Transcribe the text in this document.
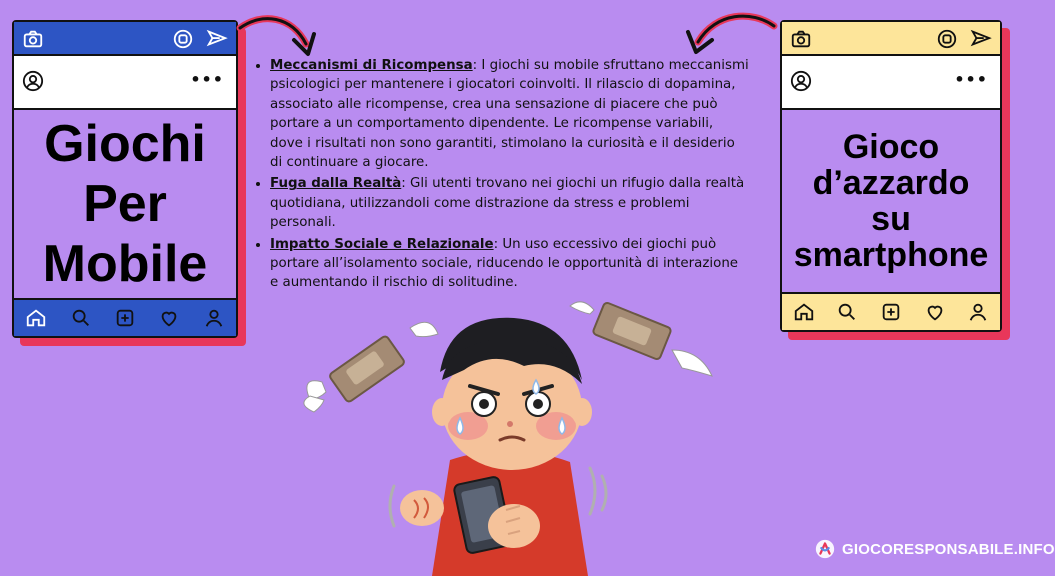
•••
Giochi
Per
Mobile
•••
Gioco
d’azzardo
su
smartphone
• Meccanismi di Ricompensa: I giochi su mobile sfruttano meccanismi psicologici per mantenere i giocatori coinvolti. Il rilascio di dopamina, associato alle ricompense, crea una sensazione di piacere che può portare a un comportamento dipendente. Le ricompense variabili, dove i risultati non sono garantiti, stimolano la curiosità e il desiderio di continuare a giocare.
• Fuga dalla Realtà: Gli utenti trovano nei giochi un rifugio dalla realtà quotidiana, utilizzandoli come distrazione da stress e problemi personali.
• Impatto Sociale e Relazionale: Un uso eccessivo dei giochi può portare all’isolamento sociale, riducendo le opportunità di interazione e aumentando il rischio di solitudine.
GIOCORESPONSABILE.INFO
